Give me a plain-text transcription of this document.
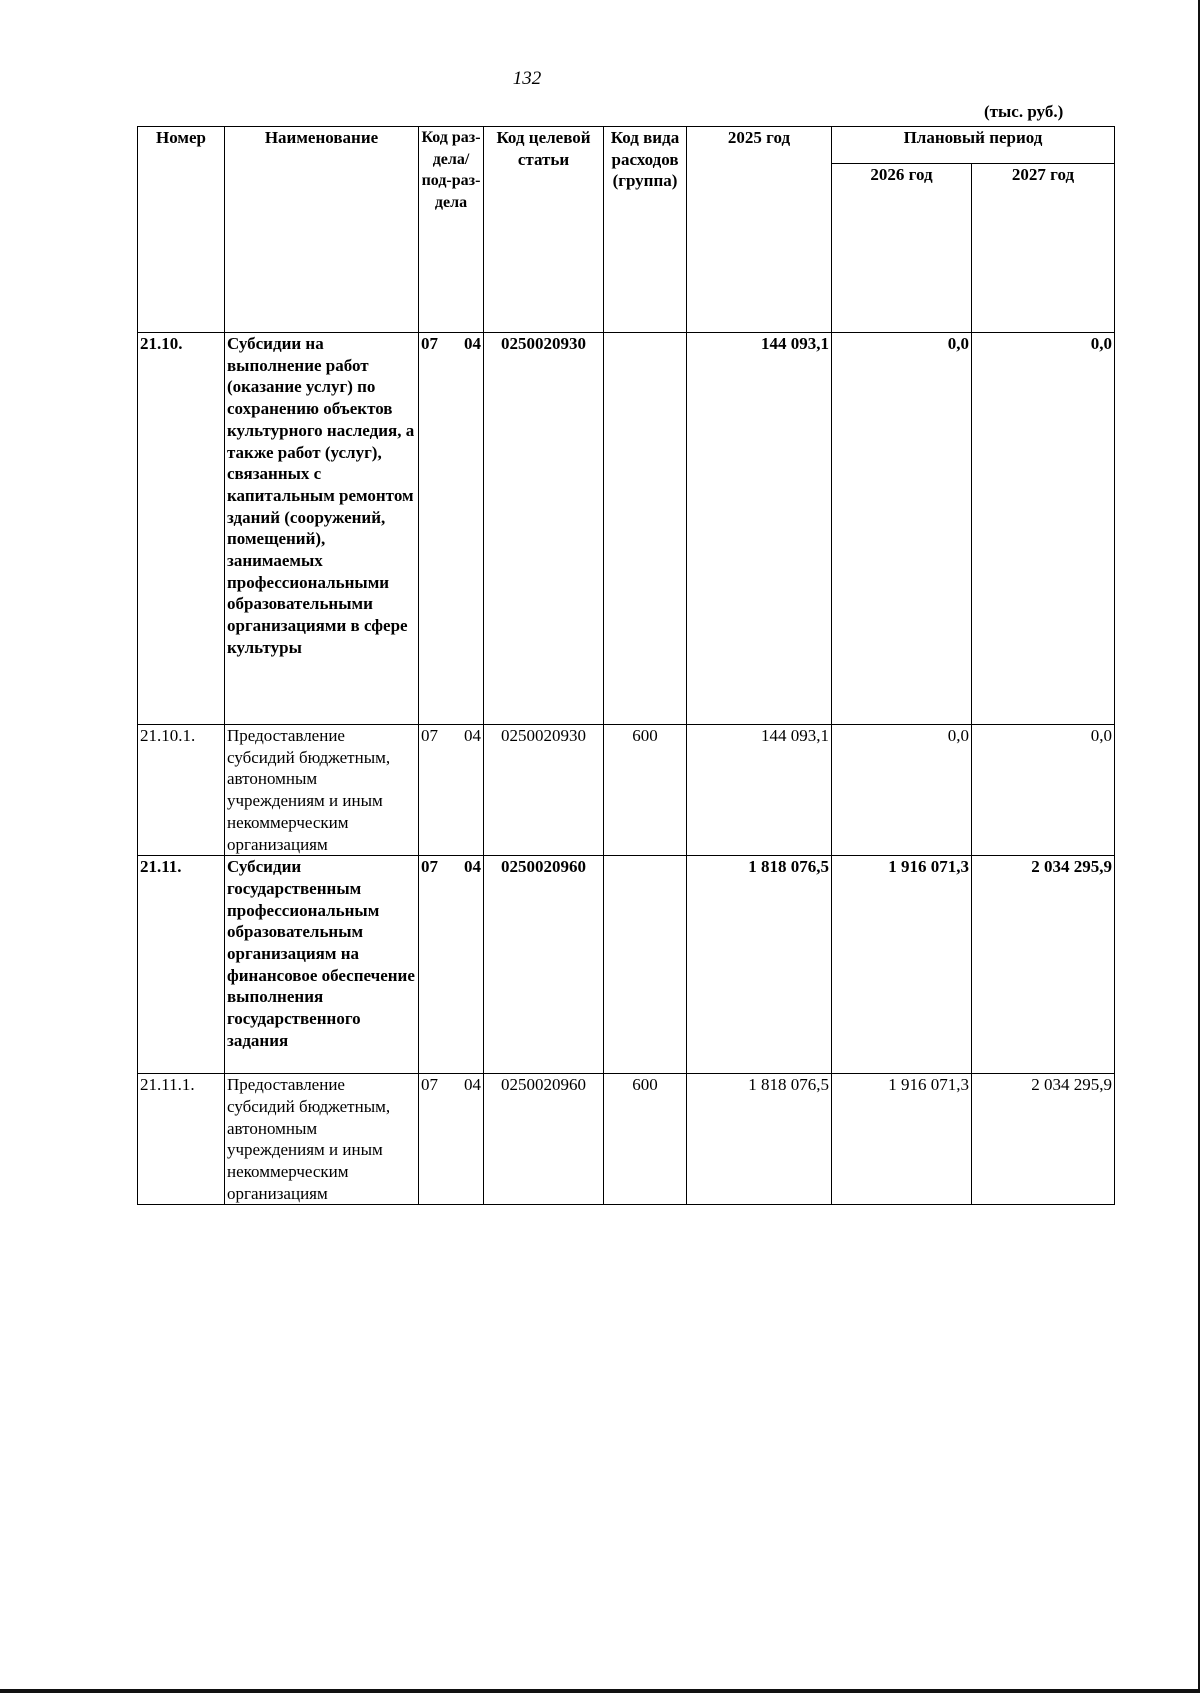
132
(тыс. руб.)
Номер	Наименование	Код раз-дела/ под-раз-дела	Код целевой статьи	Код вида расходов (группа)	2025 год	Плановый период	
						2026 год	2027 год
21.10.	Субсидии на выполнение работ (оказание услуг) по сохранению объектов культурного наследия, а также работ (услуг), связанных с капитальным ремонтом зданий (сооружений, помещений), занимаемых профессиональными образовательными организациями в сфере культуры	07 04	0250020930		144 093,1	0,0	0,0
21.10.1.	Предоставление субсидий бюджетным, автономным учреждениям и иным некоммерческим организациям	07 04	0250020930	600	144 093,1	0,0	0,0
21.11.	Субсидии государственным профессиональным образовательным организациям на финансовое обеспечение выполнения государственного задания	07 04	0250020960		1 818 076,5	1 916 071,3	2 034 295,9
21.11.1.	Предоставление субсидий бюджетным, автономным учреждениям и иным некоммерческим организациям	07 04	0250020960	600	1 818 076,5	1 916 071,3	2 034 295,9
